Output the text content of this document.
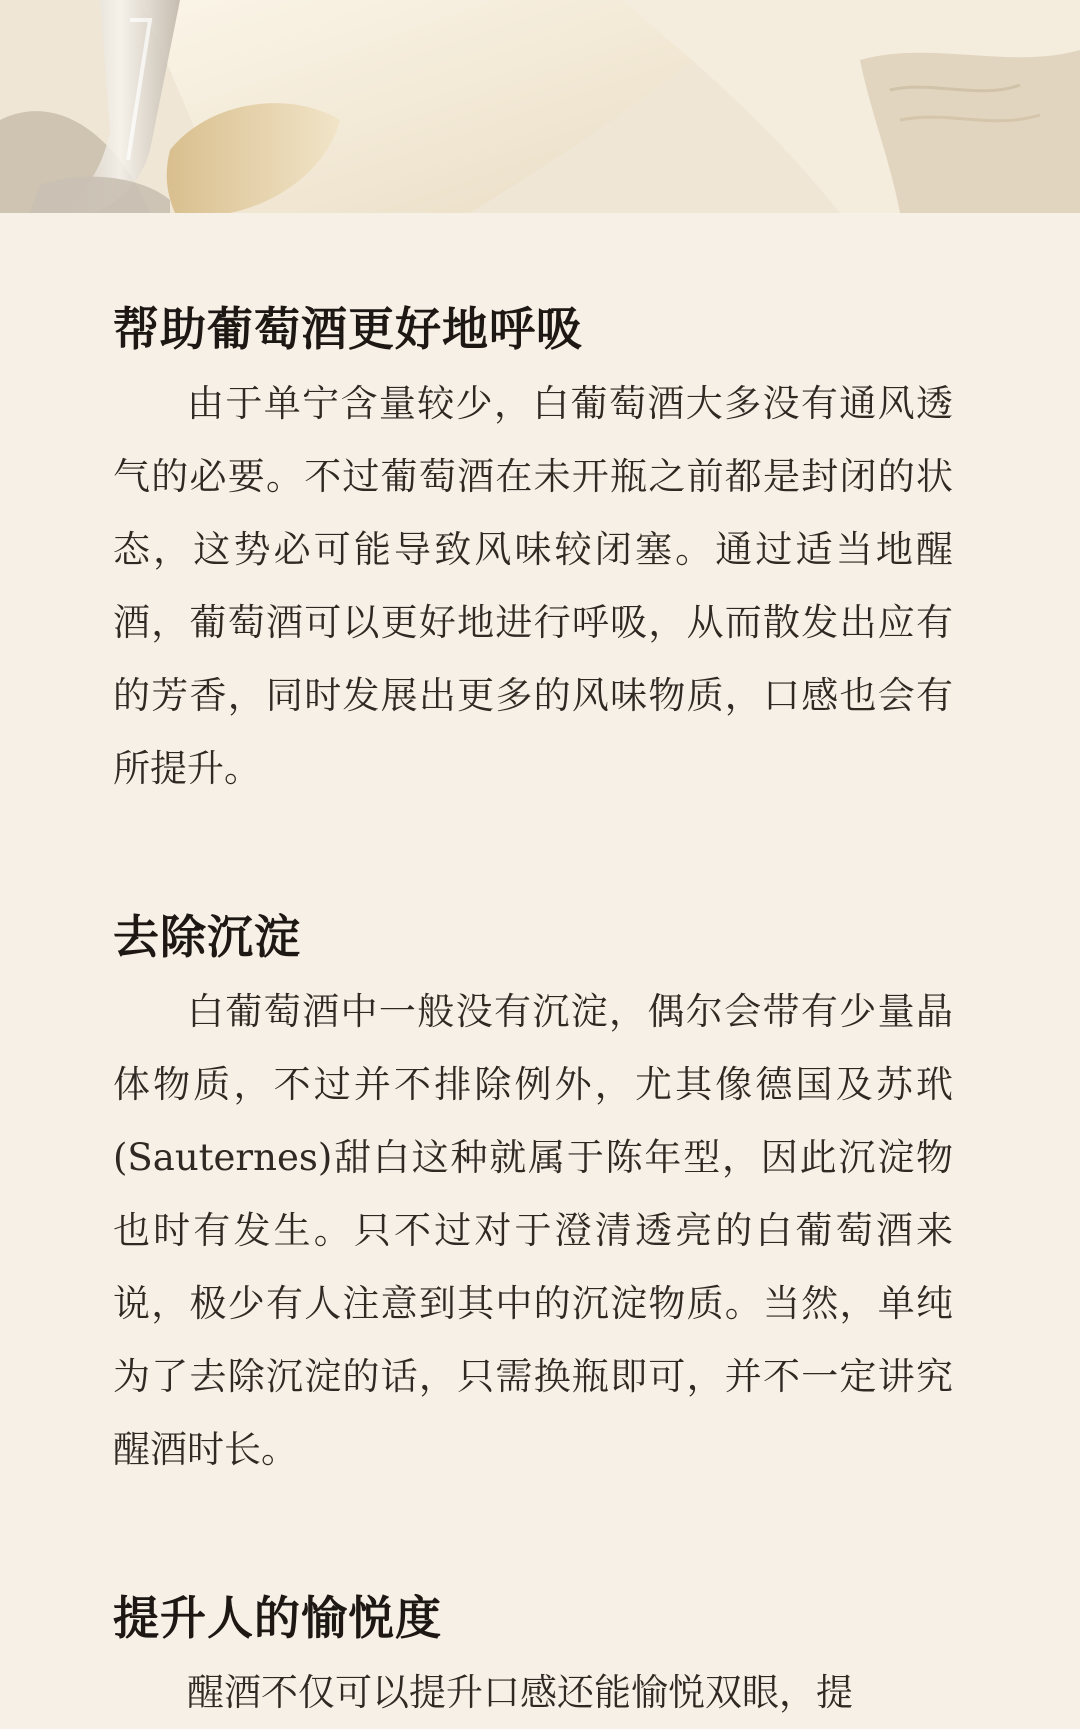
帮助葡萄酒更好地呼吸

由于单宁含量较少，白葡萄酒大多没有通风透气的必要。不过葡萄酒在未开瓶之前都是封闭的状态，这势必可能导致风味较闭塞。通过适当地醒酒，葡萄酒可以更好地进行呼吸，从而散发出应有的芳香，同时发展出更多的风味物质，口感也会有所提升。

去除沉淀

白葡萄酒中一般没有沉淀，偶尔会带有少量晶体物质，不过并不排除例外，尤其像德国及苏玳(Sauternes)甜白这种就属于陈年型，因此沉淀物也时有发生。只不过对于澄清透亮的白葡萄酒来说，极少有人注意到其中的沉淀物质。当然，单纯为了去除沉淀的话，只需换瓶即可，并不一定讲究醒酒时长。

提升人的愉悦度

醒酒不仅可以提升口感还能愉悦双眼，提
